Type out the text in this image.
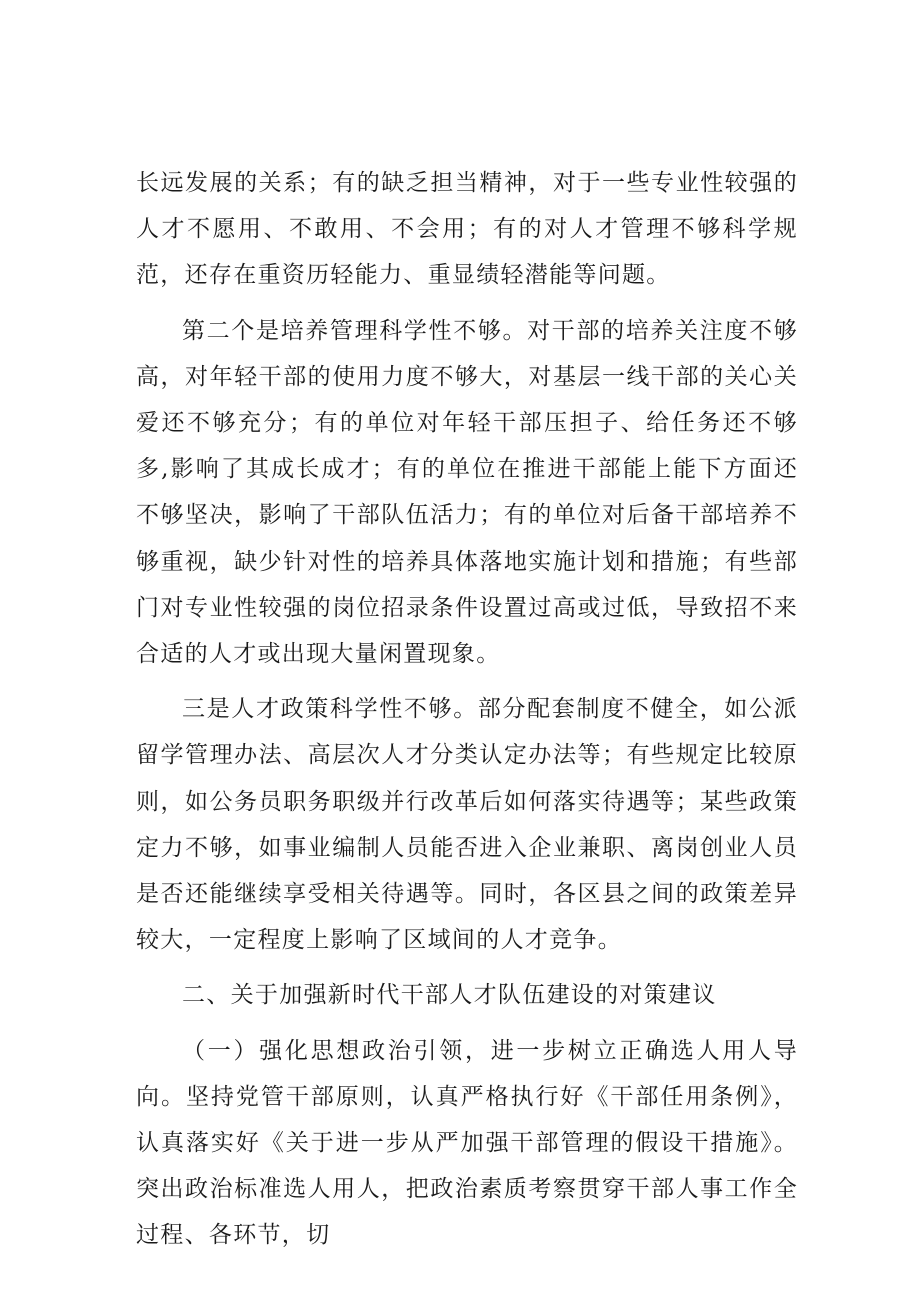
长远发展的关系；有的缺乏担当精神，对于一些专业性较强的人才不愿用、不敢用、不会用；有的对人才管理不够科学规范，还存在重资历轻能力、重显绩轻潜能等问题。

第二个是培养管理科学性不够。对干部的培养关注度不够高，对年轻干部的使用力度不够大，对基层一线干部的关心关爱还不够充分；有的单位对年轻干部压担子、给任务还不够多,影响了其成长成才；有的单位在推进干部能上能下方面还不够坚决，影响了干部队伍活力；有的单位对后备干部培养不够重视，缺少针对性的培养具体落地实施计划和措施；有些部门对专业性较强的岗位招录条件设置过高或过低，导致招不来合适的人才或出现大量闲置现象。

三是人才政策科学性不够。部分配套制度不健全，如公派留学管理办法、高层次人才分类认定办法等；有些规定比较原则，如公务员职务职级并行改革后如何落实待遇等；某些政策定力不够，如事业编制人员能否进入企业兼职、离岗创业人员是否还能继续享受相关待遇等。同时，各区县之间的政策差异较大，一定程度上影响了区域间的人才竞争。

二、关于加强新时代干部人才队伍建设的对策建议

（一）强化思想政治引领，进一步树立正确选人用人导向。坚持党管干部原则，认真严格执行好《干部任用条例》，认真落实好《关于进一步从严加强干部管理的假设干措施》。突出政治标准选人用人，把政治素质考察贯穿干部人事工作全过程、各环节，切
